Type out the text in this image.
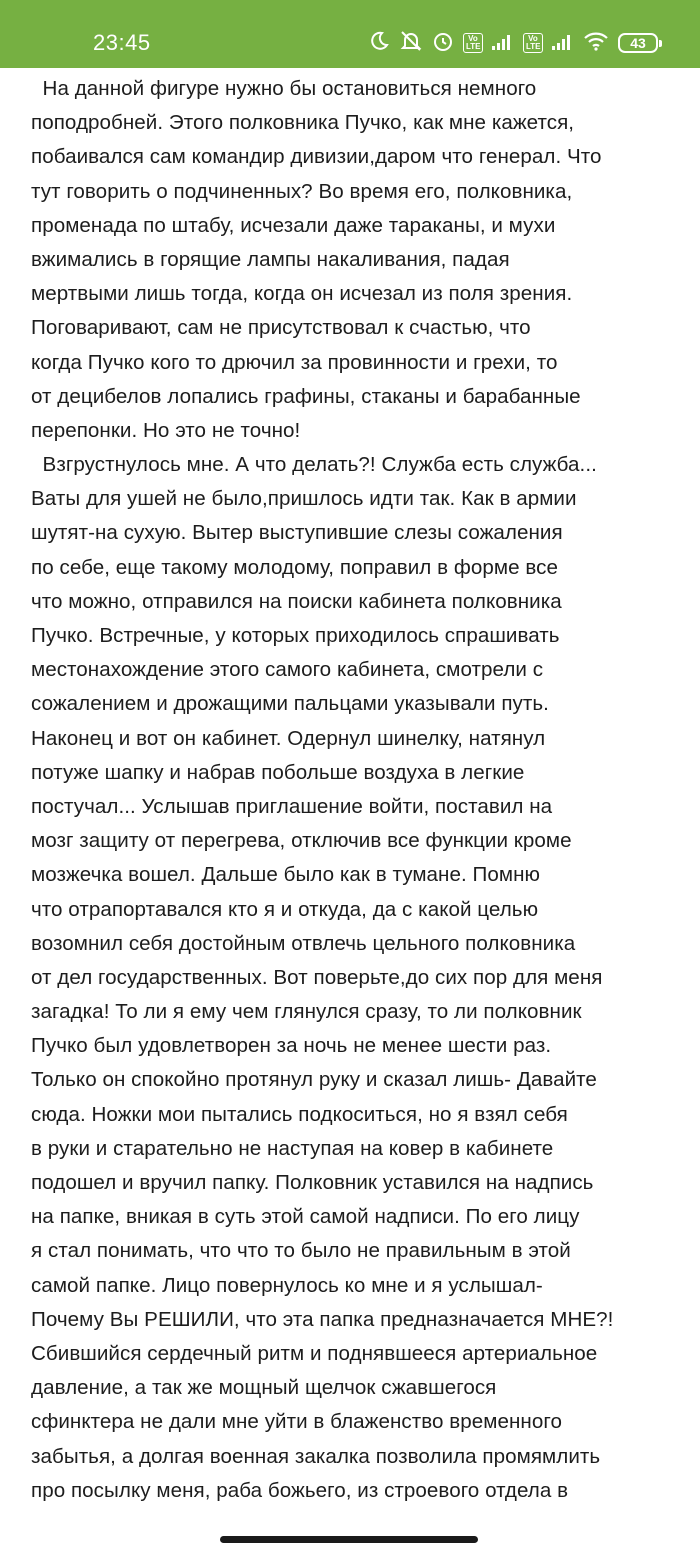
23:45	Vo LTE
Vo LTE	43
На данной фигуре нужно бы остановиться немного
поподробней. Этого полковника Пучко, как мне кажется,
побаивался сам командир дивизии,даром что генерал. Что
тут говорить о подчиненных? Во время его, полковника,
променада по штабу, исчезали даже тараканы, и мухи
вжимались в горящие лампы накаливания, падая
мертвыми лишь тогда, когда он исчезал из поля зрения.
Поговаривают, сам не присутствовал к счастью, что
когда Пучко кого то дрючил за провинности и грехи, то
от децибелов лопались графины, стаканы и барабанные
перепонки. Но это не точно!
Взгрустнулось мне. А что делать?! Служба есть служба...
Ваты для ушей не было,пришлось идти так. Как в армии
шутят-на сухую. Вытер выступившие слезы сожаления
по себе, еще такому молодому, поправил в форме все
что можно, отправился на поиски кабинета полковника
Пучко. Встречные, у которых приходилось спрашивать
местонахождение этого самого кабинета, смотрели с
сожалением и дрожащими пальцами указывали путь.
Наконец и вот он кабинет. Одернул шинелку, натянул
потуже шапку и набрав побольше воздуха в легкие
постучал... Услышав приглашение войти, поставил на
мозг защиту от перегрева, отключив все функции кроме
мозжечка вошел. Дальше было как в тумане. Помню
что отрапортавался кто я и откуда, да с какой целью
возомнил себя достойным отвлечь цельного полковника
от дел государственных. Вот поверьте,до сих пор для меня
загадка! То ли я ему чем глянулся сразу, то ли полковник
Пучко был удовлетворен за ночь не менее шести раз.
Только он спокойно протянул руку и сказал лишь- Давайте
сюда. Ножки мои пытались подкоситься, но я взял себя
в руки и старательно не наступая на ковер в кабинете
подошел и вручил папку. Полковник уставился на надпись
на папке, вникая в суть этой самой надписи. По его лицу
я стал понимать, что что то было не правильным в этой
самой папке. Лицо повернулось ко мне и я услышал-
Почему Вы РЕШИЛИ, что эта папка предназначается МНЕ?!
Сбившийся сердечный ритм и поднявшееся артериальное
давление, а так же мощный щелчок сжавшегося
сфинктера не дали мне уйти в блаженство временного
забытья, а долгая военная закалка позволила промямлить
про посылку меня, раба божьего, из строевого отдела в
